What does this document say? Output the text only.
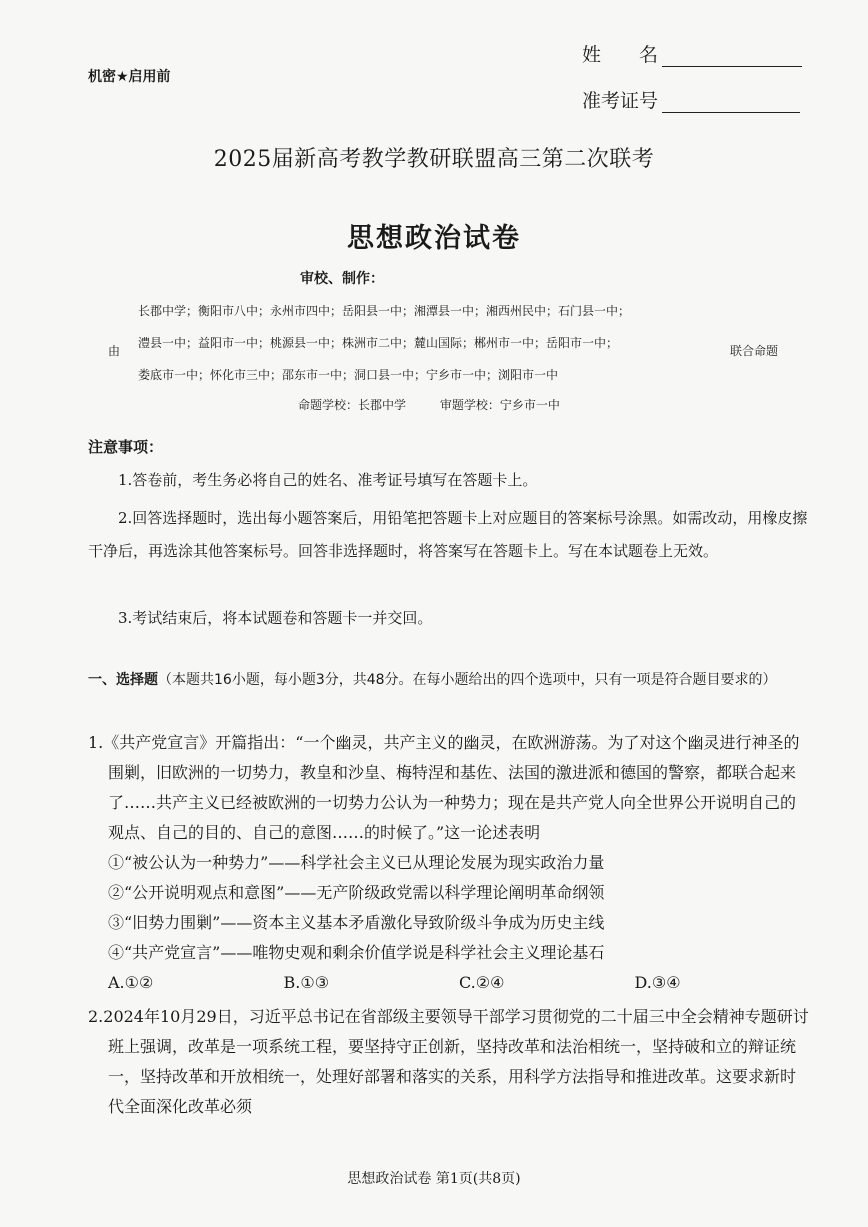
机密★启用前
姓　　名
准考证号
2025届新高考教学教研联盟高三第二次联考
思想政治试卷
审校、制作：
长郡中学；衡阳市八中；永州市四中；岳阳县一中；湘潭县一中；湘西州民中；石门县一中；
由
澧县一中；益阳市一中；桃源县一中；株洲市二中；麓山国际；郴州市一中；岳阳市一中；
联合命题
娄底市一中；怀化市三中；邵东市一中；洞口县一中；宁乡市一中；浏阳市一中
命题学校：长郡中学	审题学校：宁乡市一中
注意事项：
1.答卷前，考生务必将自己的姓名、准考证号填写在答题卡上。
2.回答选择题时，选出每小题答案后，用铅笔把答题卡上对应题目的答案标号涂黑。如需改动，用橡皮擦干净后，再选涂其他答案标号。回答非选择题时，将答案写在答题卡上。写在本试题卷上无效。
3.考试结束后，将本试题卷和答题卡一并交回。
一、选择题（本题共16小题，每小题3分，共48分。在每小题给出的四个选项中，只有一项是符合题目要求的）
1.《共产党宣言》开篇指出：“一个幽灵，共产主义的幽灵，在欧洲游荡。为了对这个幽灵进行神圣的围剿，旧欧洲的一切势力，教皇和沙皇、梅特涅和基佐、法国的激进派和德国的警察，都联合起来了……共产主义已经被欧洲的一切势力公认为一种势力；现在是共产党人向全世界公开说明自己的观点、自己的目的、自己的意图……的时候了。”这一论述表明
①“被公认为一种势力”——科学社会主义已从理论发展为现实政治力量
②“公开说明观点和意图”——无产阶级政党需以科学理论阐明革命纲领
③“旧势力围剿”——资本主义基本矛盾激化导致阶级斗争成为历史主线
④“共产党宣言”——唯物史观和剩余价值学说是科学社会主义理论基石
A.①②	B.①③	C.②④	D.③④
2.2024年10月29日，习近平总书记在省部级主要领导干部学习贯彻党的二十届三中全会精神专题研讨班上强调，改革是一项系统工程，要坚持守正创新，坚持改革和法治相统一，坚持破和立的辩证统一，坚持改革和开放相统一，处理好部署和落实的关系，用科学方法指导和推进改革。这要求新时代全面深化改革必须
思想政治试卷 第1页(共8页)
